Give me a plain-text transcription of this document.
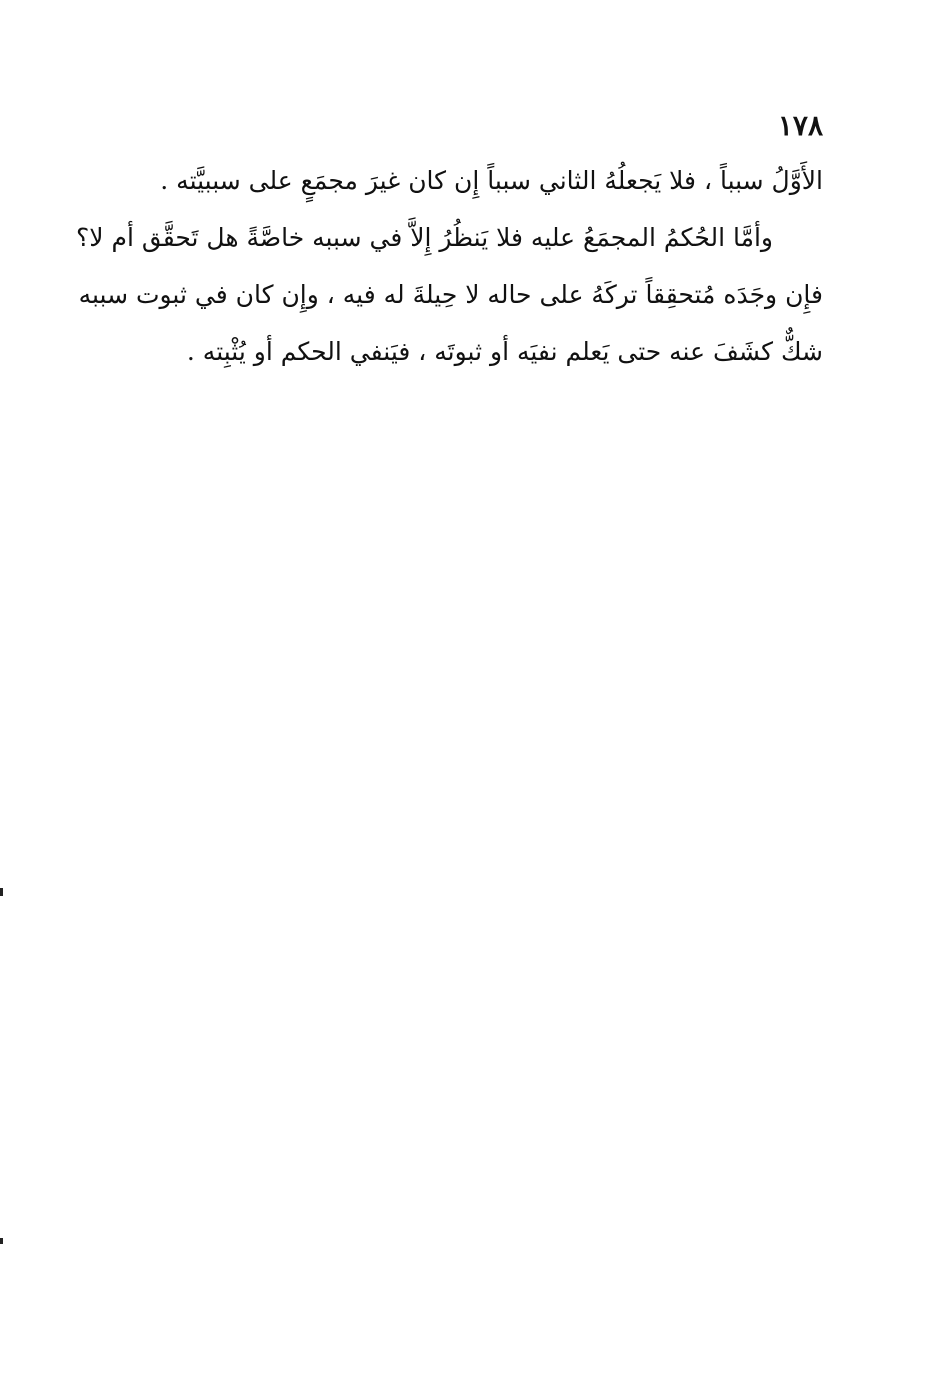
١٧٨

الأَوَّلُ سبباً ، فلا يَجعلُهُ الثاني سبباً إِن كان غيرَ مجمَعٍ على سببيَّته .

وأمَّا الحُكمُ المجمَعُ عليه فلا يَنظُرُ إِلاَّ في سببه خاصَّةً هل تَحقَّق أم لا؟
فإِن وجَدَه مُتحقِقاً تركَهُ على حاله لا حِيلةَ له فيه ، وإِن كان في ثبوت سببه
شكٌّ كشَفَ عنه حتى يَعلم نفيَه أو ثبوتَه ، فيَنفي الحكم أو يُثْبِته .
